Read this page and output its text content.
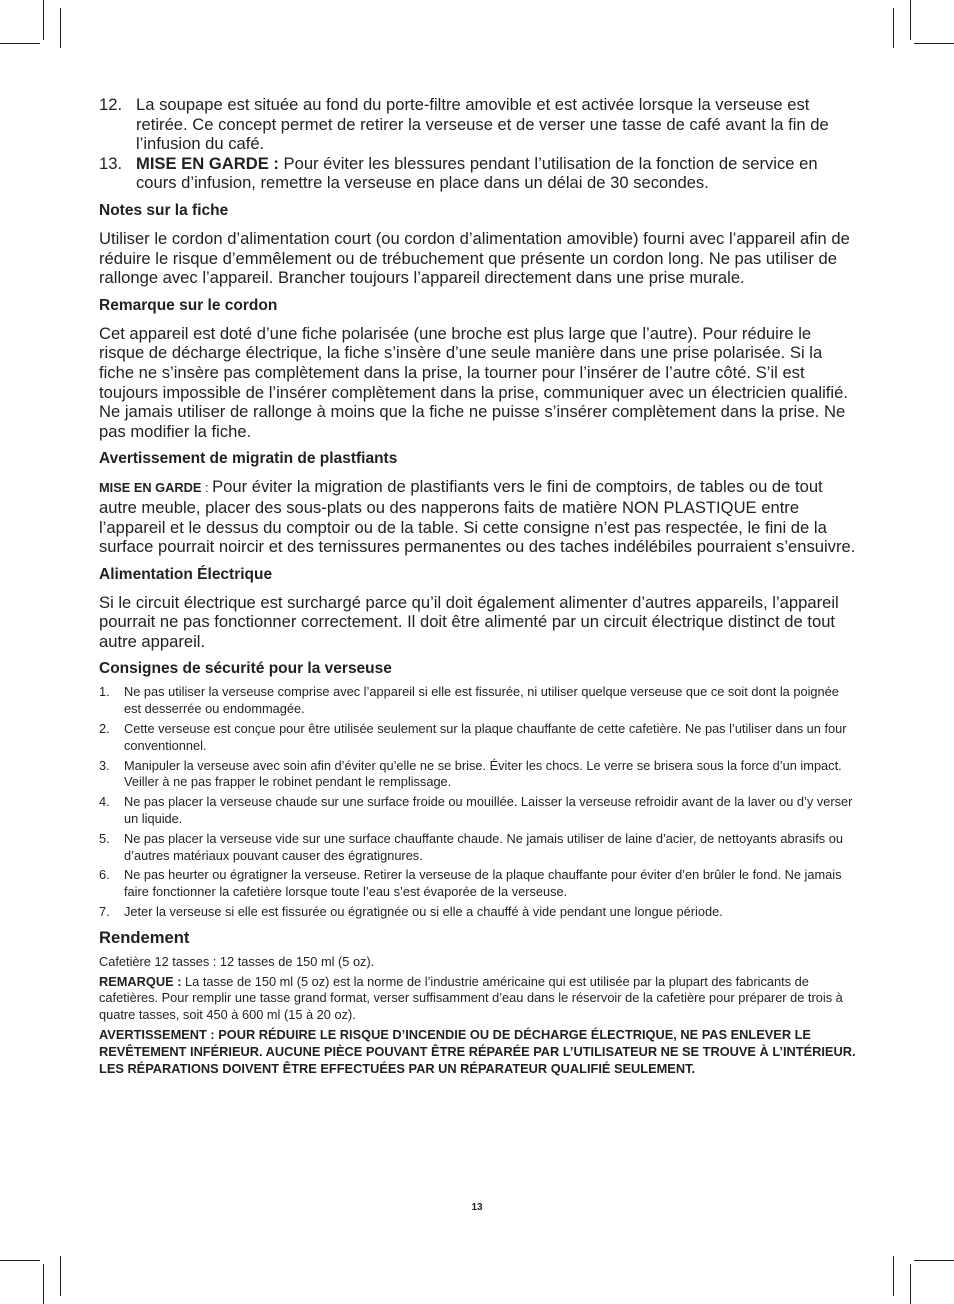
12. La soupape est située au fond du porte-filtre amovible et est activée lorsque la verseuse est retirée. Ce concept permet de retirer la verseuse et de verser une tasse de café avant la fin de l’infusion du café.
13. MISE EN GARDE : Pour éviter les blessures pendant l’utilisation de la fonction de service en cours d’infusion, remettre la verseuse en place dans un délai de 30 secondes.
Notes sur la fiche

Utiliser le cordon d’alimentation court (ou cordon d’alimentation amovible) fourni avec l’appareil afin de réduire le risque d’emmêlement ou de trébuchement que présente un cordon long. Ne pas utiliser de rallonge avec l’appareil. Brancher toujours l’appareil directement dans une prise murale.

Remarque sur le cordon

Cet appareil est doté d’une fiche polarisée (une broche est plus large que l’autre). Pour réduire le risque de décharge électrique, la fiche s’insère d’une seule manière dans une prise polarisée. Si la fiche ne s’insère pas complètement dans la prise, la tourner pour l’insérer de l’autre côté. S’il est toujours impossible de l’insérer complètement dans la prise, communiquer avec un électricien qualifié. Ne jamais utiliser de rallonge à moins que la fiche ne puisse s’insérer complètement dans la prise. Ne pas modifier la fiche.

Avertissement de migratin de plastfiants

MISE EN GARDE : Pour éviter la migration de plastifiants vers le fini de comptoirs, de tables ou de tout autre meuble, placer des sous-plats ou des napperons faits de matière NON PLASTIQUE entre l’appareil et le dessus du comptoir ou de la table. Si cette consigne n’est pas respectée, le fini de la surface pourrait noircir et des ternissures permanentes ou des taches indélébiles pourraient s’ensuivre.

Alimentation Électrique

Si le circuit électrique est surchargé parce qu’il doit également alimenter d’autres appareils, l’appareil pourrait ne pas fonctionner correctement. Il doit être alimenté par un circuit électrique distinct de tout autre appareil.

Consignes de sécurité pour la verseuse
1. Ne pas utiliser la verseuse comprise avec l’appareil si elle est fissurée, ni utiliser quelque verseuse que ce soit dont la poignée est desserrée ou endommagée.
2. Cette verseuse est conçue pour être utilisée seulement sur la plaque chauffante de cette cafetière. Ne pas l’utiliser dans un four conventionnel.
3. Manipuler la verseuse avec soin afin d’éviter qu’elle ne se brise. Éviter les chocs. Le verre se brisera sous la force d’un impact. Veiller à ne pas frapper le robinet pendant le remplissage.
4. Ne pas placer la verseuse chaude sur une surface froide ou mouillée. Laisser la verseuse refroidir avant de la laver ou d’y verser un liquide.
5. Ne pas placer la verseuse vide sur une surface chauffante chaude. Ne jamais utiliser de laine d’acier, de nettoyants abrasifs ou d’autres matériaux pouvant causer des égratignures.
6. Ne pas heurter ou égratigner la verseuse. Retirer la verseuse de la plaque chauffante pour éviter d’en brûler le fond. Ne jamais faire fonctionner la cafetière lorsque toute l’eau s’est évaporée de la verseuse.
7. Jeter la verseuse si elle est fissurée ou égratignée ou si elle a chauffé à vide pendant une longue période.
Rendement

Cafetière 12 tasses : 12 tasses de 150 ml (5 oz).

REMARQUE : La tasse de 150 ml (5 oz) est la norme de l’industrie américaine qui est utilisée par la plupart des fabricants de cafetières. Pour remplir une tasse grand format, verser suffisamment d’eau dans le réservoir de la cafetière pour préparer de trois à quatre tasses, soit 450 à 600 ml (15 à 20 oz).

AVERTISSEMENT : POUR RÉDUIRE LE RISQUE D’INCENDIE OU DE DÉCHARGE ÉLECTRIQUE, NE PAS ENLEVER LE REVÊTEMENT INFÉRIEUR. AUCUNE PIÈCE POUVANT ÊTRE RÉPARÉE PAR L’UTILISATEUR NE SE TROUVE À L’INTÉRIEUR. LES RÉPARATIONS DOIVENT ÊTRE EFFECTUÉES PAR UN RÉPARATEUR QUALIFIÉ SEULEMENT.

13
